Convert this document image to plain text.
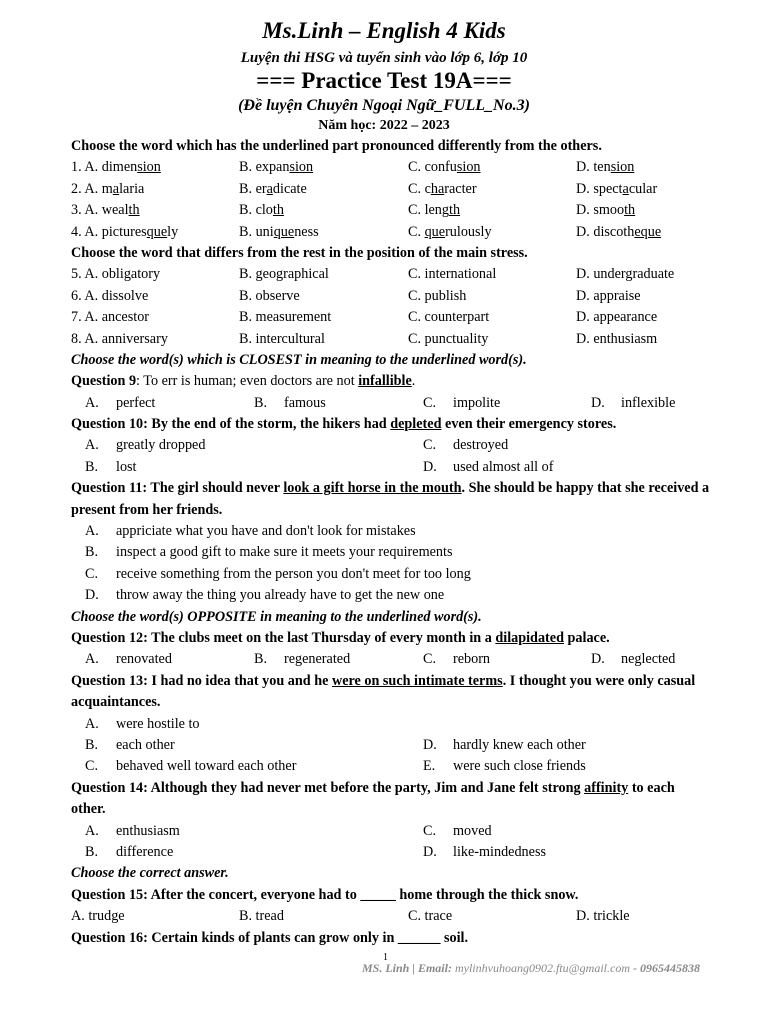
Ms.Linh – English 4 Kids
Luyện thi HSG và tuyển sinh vào lớp 6, lớp 10
=== Practice Test 19A===
(Đề luyện Chuyên Ngoại Ngữ_FULL_No.3)
Năm học: 2022 – 2023
Choose the word which has the underlined part pronounced differently from the others.
1. A. dimension	B. expansion	C. confusion	D. tension
2. A. malaria	B. eradicate	C. character	D. spectacular
3. A. wealth	B. cloth	C. length	D. smooth
4. A. picturesquely	B. uniqueness	C. querulously	D. discotheque
Choose the word that differs from the rest in the position of the main stress.
5. A. obligatory	B. geographical	C. international	D. undergraduate
6. A. dissolve	B. observe	C. publish	D. appraise
7. A. ancestor	B. measurement	C. counterpart	D. appearance
8. A. anniversary	B. intercultural	C. punctuality	D. enthusiasm
Choose the word(s) which is CLOSEST in meaning to the underlined word(s).
Question 9: To err is human; even doctors are not infallible.
A.	perfect	B.	famous	C.	impolite	D.	inflexible
Question 10: By the end of the storm, the hikers had depleted even their emergency stores.
A.	greatly dropped	C.	destroyed
B.	lost	D.	used almost all of
Question 11: The girl should never look a gift horse in the mouth. She should be happy that she received a present from her friends.
A.	appriciate what you have and don't look for mistakes
B.	inspect a good gift to make sure it meets your requirements
C.	receive something from the person you don't meet for too long
D.	throw away the thing you already have to get the new one
Choose the word(s) OPPOSITE in meaning to the underlined word(s).
Question 12: The clubs meet on the last Thursday of every month in a dilapidated palace.
A.	renovated	B.	regenerated	C.	reborn	D.	neglected
Question 13: I had no idea that you and he were on such intimate terms. I thought you were only casual acquaintances.
A.	were hostile to
B.	each other	D.	hardly knew each other
C.	behaved well toward each other	E.	were such close friends
Question 14: Although they had never met before the party, Jim and Jane felt strong affinity to each other.
A.	enthusiasm	C.	moved
B.	difference	D.	like-mindedness
Choose the correct answer.
Question 15: After the concert, everyone had to _____ home through the thick snow.
A. trudge	B. tread	C. trace	D. trickle
Question 16: Certain kinds of plants can grow only in ______ soil.
1
MS. Linh | Email: mylinhvuhoang0902.ftu@gmail.com - 0965445838
